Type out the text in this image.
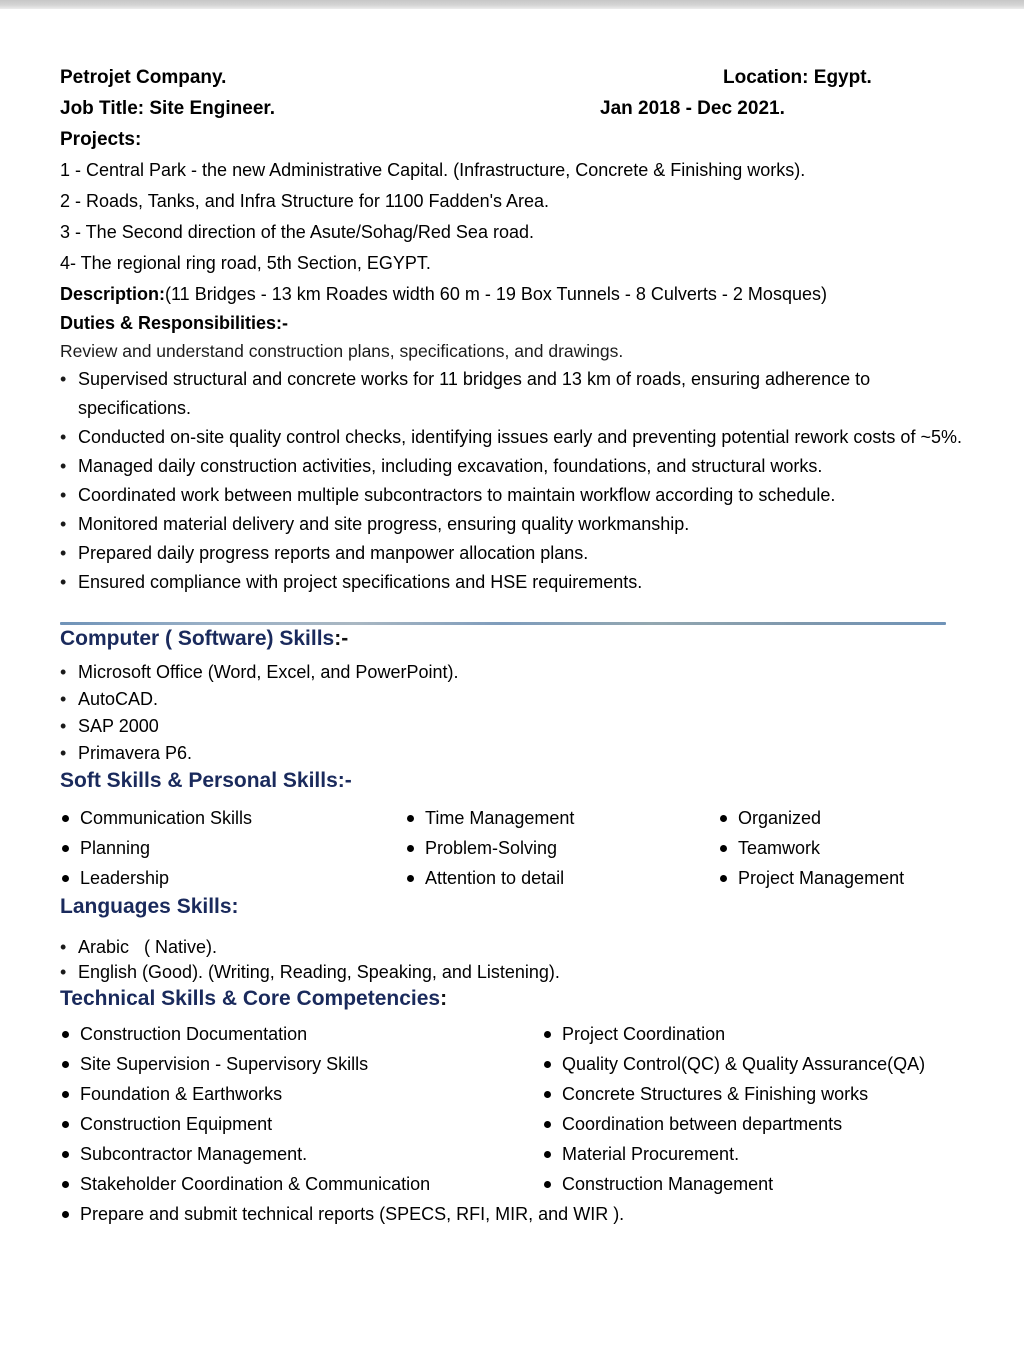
Petrojet Company.	Location: Egypt.
Job Title: Site Engineer.	Jan 2018 - Dec 2021.
Projects:
1 - Central Park - the new Administrative Capital. (Infrastructure, Concrete & Finishing works).
2 - Roads, Tanks, and Infra Structure for 1100 Fadden's Area.
3 - The Second direction of the Asute/Sohag/Red Sea road.
4- The regional ring road, 5th Section, EGYPT.
Description:(11 Bridges - 13 km Roades width 60 m - 19 Box Tunnels - 8 Culverts - 2 Mosques)
Duties & Responsibilities:-
Review and understand construction plans, specifications, and drawings.
• Supervised structural and concrete works for 11 bridges and 13 km of roads, ensuring adherence to specifications.
• Conducted on-site quality control checks, identifying issues early and preventing potential rework costs of ~5%.
• Managed daily construction activities, including excavation, foundations, and structural works.
• Coordinated work between multiple subcontractors to maintain workflow according to schedule.
• Monitored material delivery and site progress, ensuring quality workmanship.
• Prepared daily progress reports and manpower allocation plans.
• Ensured compliance with project specifications and HSE requirements.
Computer ( Software) Skills:-
• Microsoft Office (Word, Excel, and PowerPoint).
• AutoCAD.
• SAP 2000
• Primavera P6.
Soft Skills & Personal Skills:-
Communication Skills	Time Management	Organized
Planning	Problem-Solving	Teamwork
Leadership	Attention to detail	Project Management
Languages Skills:
• Arabic   ( Native).
• English (Good). (Writing, Reading, Speaking, and Listening).
Technical Skills & Core Competencies:
Construction Documentation	Project Coordination
Site Supervision - Supervisory Skills	Quality Control(QC) & Quality Assurance(QA)
Foundation & Earthworks	Concrete Structures & Finishing works
Construction Equipment	Coordination between departments
Subcontractor Management.	Material Procurement.
Stakeholder Coordination & Communication	Construction Management
Prepare and submit technical reports (SPECS, RFI, MIR, and WIR ).
